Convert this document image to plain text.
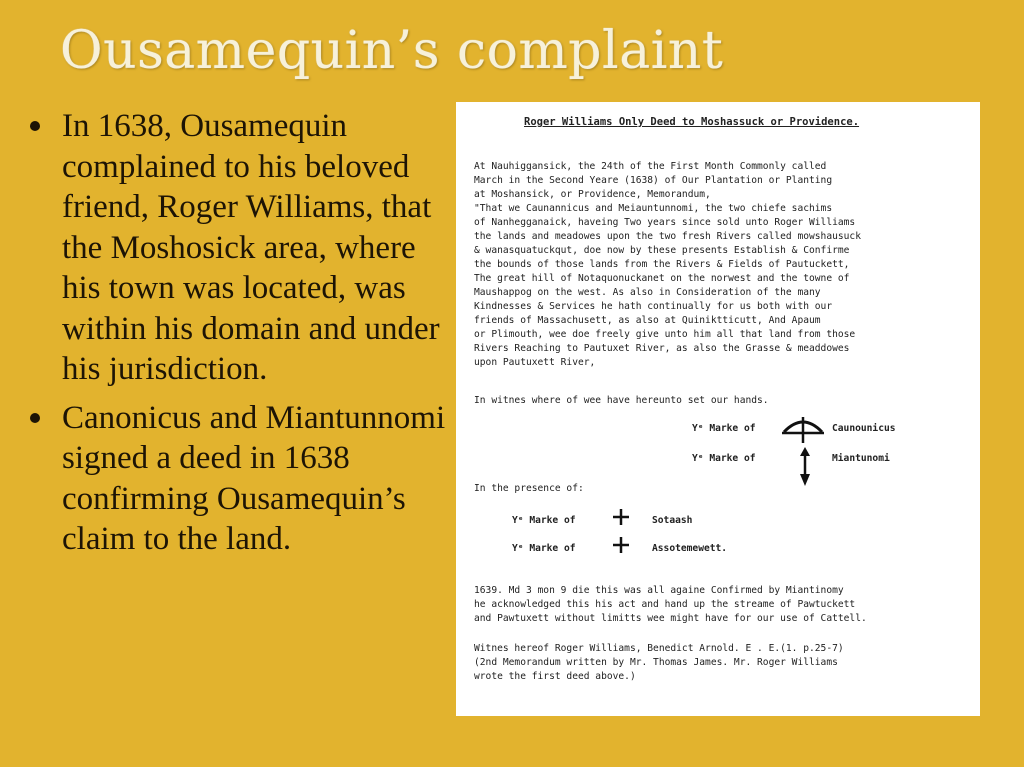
Ousamequin’s complaint
In 1638, Ousamequin complained to his beloved friend, Roger Williams, that the Moshosick area, where his town was located, was within his domain and under his jurisdiction.
Canonicus and Miantunnomi signed a deed in 1638 confirming Ousamequin’s claim to the land.
Roger Williams Only Deed to Moshassuck or Providence.
At Nauhiggansick, the 24th of the First Month Commonly called
March in the Second Yeare (1638) of Our Plantation or Planting
at Moshansick, or Providence, Memorandum,
"That we Caunannicus and Meiauntunnomi, the two chiefe sachims
of Nanhegganaick, haveing Two years since sold unto Roger Williams
the lands and meadowes upon the two fresh Rivers called mowshausuck
& wanasquatuckqut, doe now by these presents Establish & Confirme
the bounds of those lands from the Rivers & Fields of Pautuckett,
The great hill of Notaquonuckanet on the norwest and the towne of
Maushappog on the west. As also in Consideration of the many
Kindnesses & Services he hath continually for us both with our
friends of Massachusett, as also at Quiniktticutt, And Apaum
or Plimouth, wee doe freely give unto him all that land from those
Rivers Reaching to Pautuxet River, as also the Grasse & meaddowes
upon Pautuxett River,
In witnes where of wee have hereunto set our hands.
Yᵉ Marke of	Caunounicus
Yᵉ Marke of	Miantunomi
In the presence of:
Yᵉ Marke of	Sotaash
Yᵉ Marke of	Assotemewett.
1639. Md 3 mon 9 die this was all againe Confirmed by Miantinomy
he acknowledged this his act and hand up the streame of Pawtuckett
and Pawtuxett without limitts wee might have for our use of Cattell.
Witnes hereof Roger Williams, Benedict Arnold. E . E.(1. p.25-7)
(2nd Memorandum written by Mr. Thomas James. Mr. Roger Williams
wrote the first deed above.)
